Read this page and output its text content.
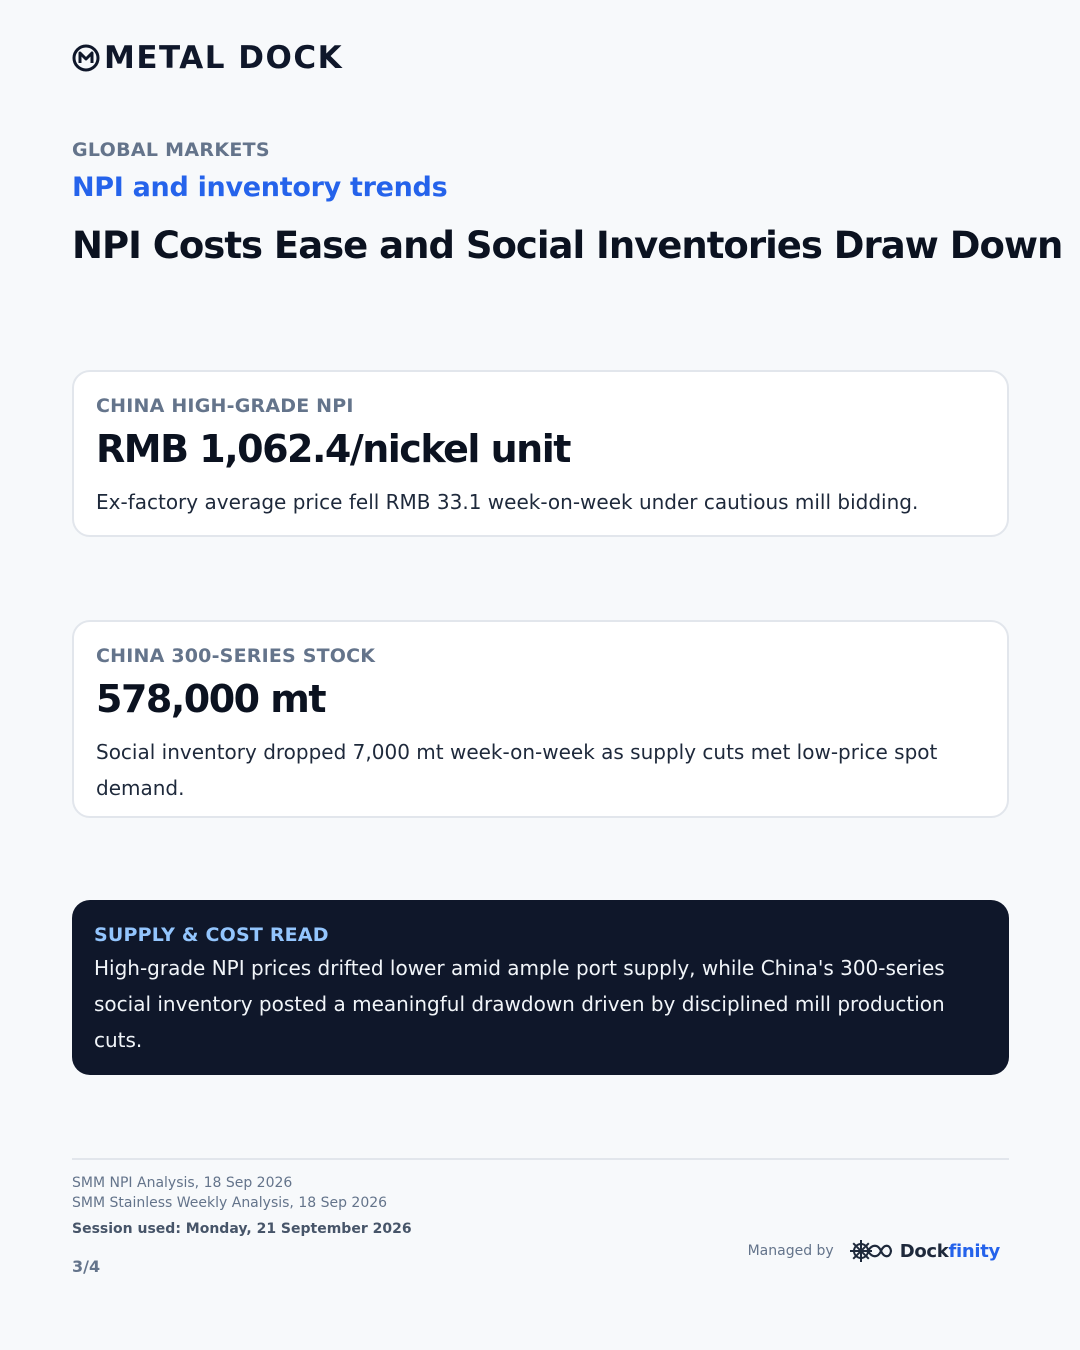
METAL DOCK
GLOBAL MARKETS
NPI and inventory trends
NPI Costs Ease and Social Inventories Draw Down
CHINA HIGH-GRADE NPI
RMB 1,062.4/nickel unit
Ex-factory average price fell RMB 33.1 week-on-week under cautious mill bidding.
CHINA 300-SERIES STOCK
578,000 mt
Social inventory dropped 7,000 mt week-on-week as supply cuts met low-price spot demand.
SUPPLY & COST READ
High-grade NPI prices drifted lower amid ample port supply, while China's 300-series social inventory posted a meaningful drawdown driven by disciplined mill production cuts.
SMM NPI Analysis, 18 Sep 2026
SMM Stainless Weekly Analysis, 18 Sep 2026
Session used: Monday, 21 September 2026
3/4
Managed by	Dockfinity
